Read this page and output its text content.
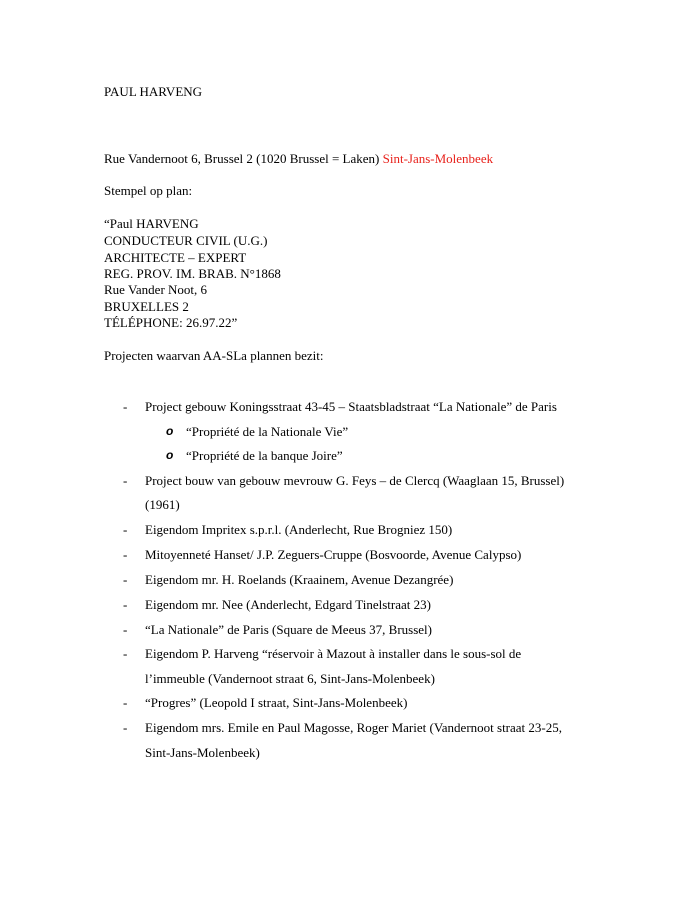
PAUL HARVENG
Rue Vandernoot 6, Brussel 2 (1020 Brussel = Laken) Sint-Jans-Molenbeek
Stempel op plan:
“Paul HARVENG
CONDUCTEUR CIVIL (U.G.)
ARCHITECTE – EXPERT
REG. PROV. IM. BRAB. N°1868
Rue Vander Noot, 6
BRUXELLES 2
TÉLÉPHONE: 26.97.22”
Projecten waarvan AA-SLa plannen bezit:
- Project gebouw Koningsstraat 43-45 – Staatsbladstraat “La Nationale” de Paris
o “Propriété de la Nationale Vie”
o “Propriété de la banque Joire”
- Project bouw van gebouw mevrouw G. Feys – de Clercq (Waaglaan 15, Brussel)
(1961)
- Eigendom Impritex s.p.r.l. (Anderlecht, Rue Brogniez 150)
- Mitoyenneté Hanset/ J.P. Zeguers-Cruppe (Bosvoorde, Avenue Calypso)
- Eigendom mr. H. Roelands (Kraainem, Avenue Dezangrée)
- Eigendom mr. Nee (Anderlecht, Edgard Tinelstraat 23)
- “La Nationale” de Paris (Square de Meeus 37, Brussel)
- Eigendom P. Harveng “réservoir à Mazout à installer dans le sous-sol de
l’immeuble (Vandernoot straat 6, Sint-Jans-Molenbeek)
- “Progres” (Leopold I straat, Sint-Jans-Molenbeek)
- Eigendom mrs. Emile en Paul Magosse, Roger Mariet (Vandernoot straat 23-25,
Sint-Jans-Molenbeek)
